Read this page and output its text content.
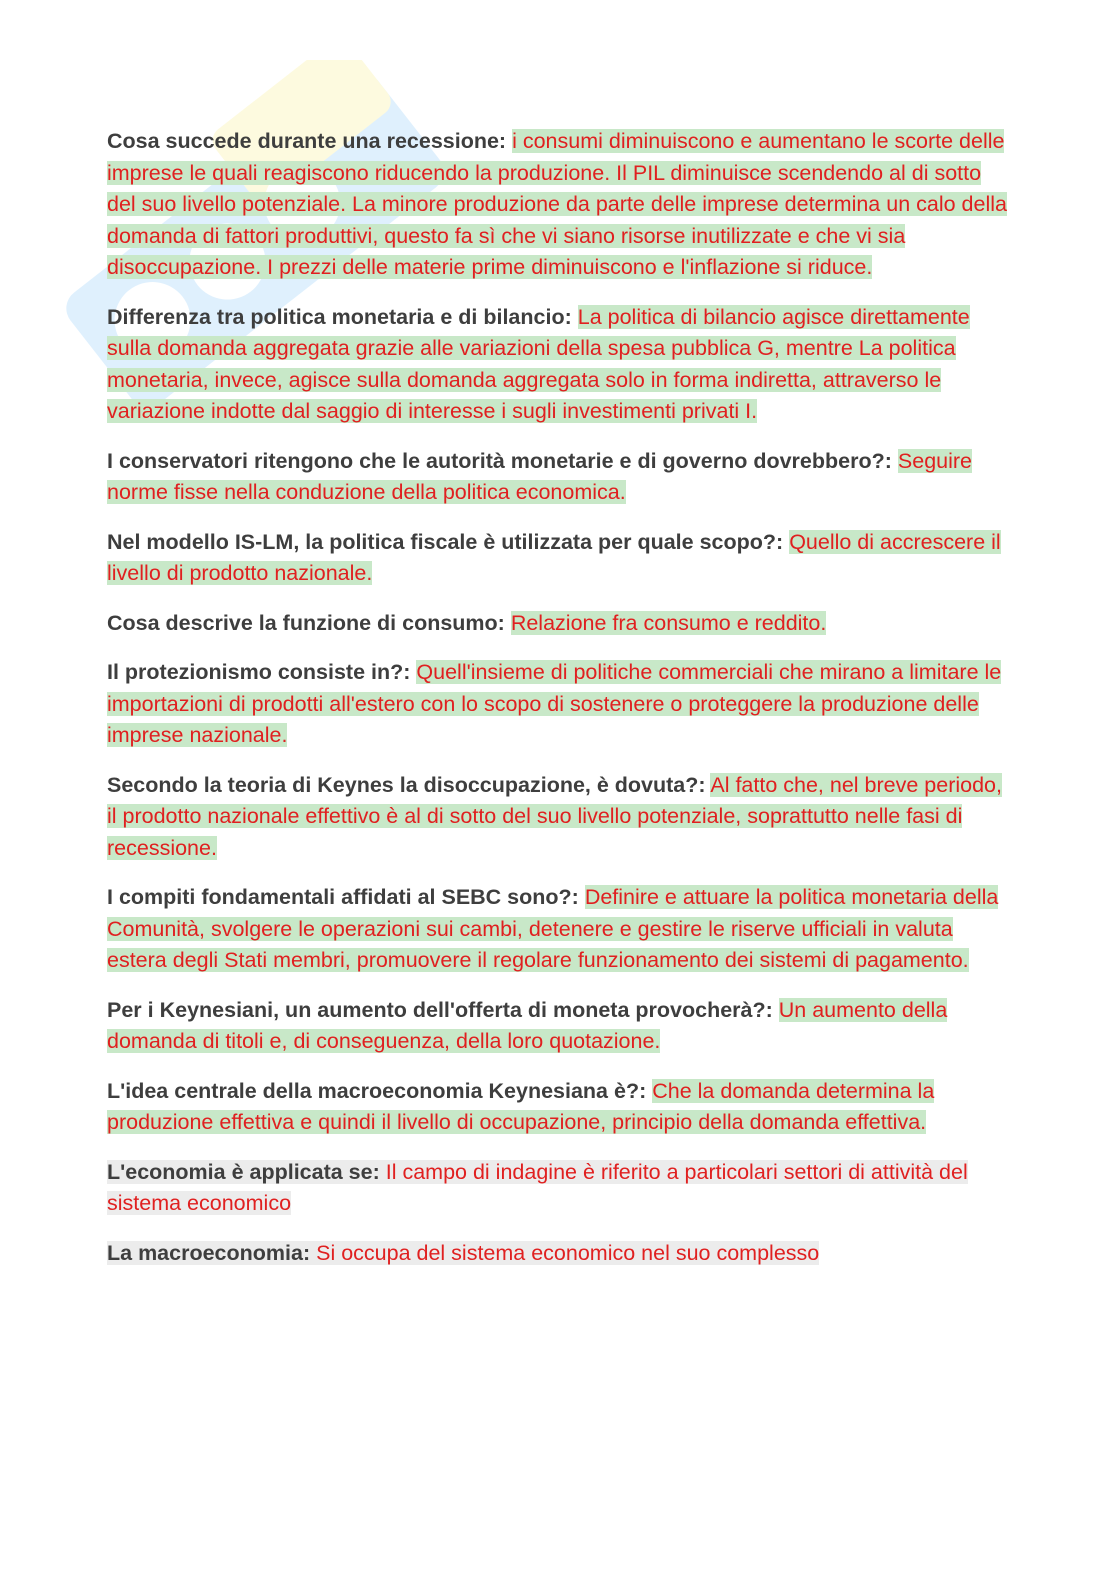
Cosa succede durante una recessione: i consumi diminuiscono e aumentano le scorte delle imprese le quali reagiscono riducendo la produzione. Il PIL diminuisce scendendo al di sotto del suo livello potenziale. La minore produzione da parte delle imprese determina un calo della domanda di fattori produttivi, questo fa sì che vi siano risorse inutilizzate e che vi sia disoccupazione. I prezzi delle materie prime diminuiscono e l'inflazione si riduce.

Differenza tra politica monetaria e di bilancio: La politica di bilancio agisce direttamente sulla domanda aggregata grazie alle variazioni della spesa pubblica G, mentre La politica monetaria, invece, agisce sulla domanda aggregata solo in forma indiretta, attraverso le variazione indotte dal saggio di interesse i sugli investimenti privati I.

I conservatori ritengono che le autorità monetarie e di governo dovrebbero?: Seguire norme fisse nella conduzione della politica economica.

Nel modello IS-LM, la politica fiscale è utilizzata per quale scopo?: Quello di accrescere il livello di prodotto nazionale.

Cosa descrive la funzione di consumo: Relazione fra consumo e reddito.

Il protezionismo consiste in?: Quell'insieme di politiche commerciali che mirano a limitare le importazioni di prodotti all'estero con lo scopo di sostenere o proteggere la produzione delle imprese nazionale.

Secondo la teoria di Keynes la disoccupazione, è dovuta?: Al fatto che, nel breve periodo, il prodotto nazionale effettivo è al di sotto del suo livello potenziale, soprattutto nelle fasi di recessione.

I compiti fondamentali affidati al SEBC sono?: Definire e attuare la politica monetaria della Comunità, svolgere le operazioni sui cambi, detenere e gestire le riserve ufficiali in valuta estera degli Stati membri, promuovere il regolare funzionamento dei sistemi di pagamento.

Per i Keynesiani, un aumento dell'offerta di moneta provocherà?: Un aumento della domanda di titoli e, di conseguenza, della loro quotazione.

L'idea centrale della macroeconomia Keynesiana è?: Che la domanda determina la produzione effettiva e quindi il livello di occupazione, principio della domanda effettiva.

L'economia è applicata se: Il campo di indagine è riferito a particolari settori di attività del sistema economico

La macroeconomia: Si occupa del sistema economico nel suo complesso
